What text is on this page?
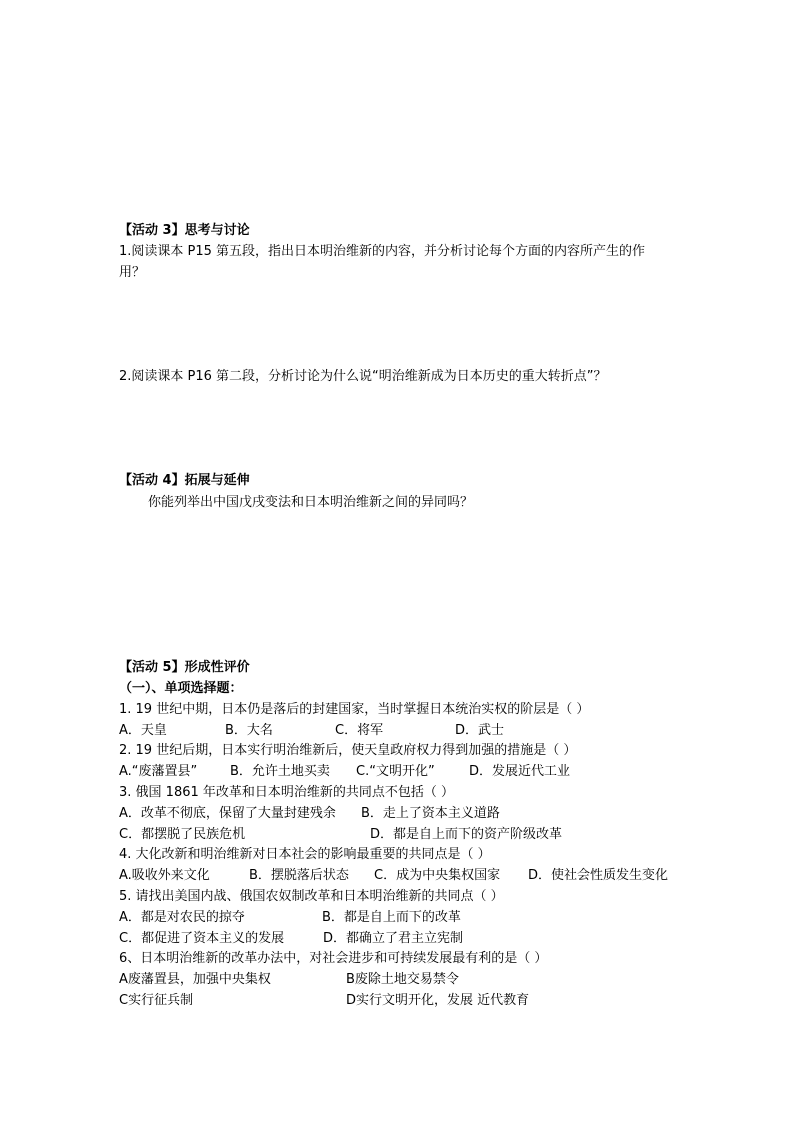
【活动 3】思考与讨论
1.阅读课本 P15 第五段，指出日本明治维新的内容，并分析讨论每个方面的内容所产生的作
用？
2.阅读课本 P16 第二段，分析讨论为什么说“明治维新成为日本历史的重大转折点”？
【活动 4】拓展与延伸
你能列举出中国戊戌变法和日本明治维新之间的异同吗？
【活动 5】形成性评价
（一）、单项选择题：
1. 19 世纪中期，日本仍是落后的封建国家，当时掌握日本统治实权的阶层是（ ）
A．天皇	B．大名	C．将军	D．武士
2. 19 世纪后期，日本实行明治维新后，使天皇政府权力得到加强的措施是（ ）
A.“废藩置县”	B．允许土地买卖 C.“文明开化”	D．发展近代工业
3. 俄国 1861 年改革和日本明治维新的共同点不包括（ ）
A．改革不彻底，保留了大量封建残余 B．走上了资本主义道路
C．都摆脱了民族危机	D．都是自上而下的资产阶级改革
4. 大化改新和明治维新对日本社会的影响最重要的共同点是（ ）
A.吸收外来文化	B．摆脱落后状态 C．成为中央集权国家 D．使社会性质发生变化
5. 请找出美国内战、俄国农奴制改革和日本明治维新的共同点（ ）
A．都是对农民的掠夺	B．都是自上而下的改革
C．都促进了资本主义的发展	D．都确立了君主立宪制
6、日本明治维新的改革办法中，对社会进步和可持续发展最有利的是（ ）
A废藩置县，加强中央集权	B废除土地交易禁令
C实行征兵制	D实行文明开化，发展 近代教育
